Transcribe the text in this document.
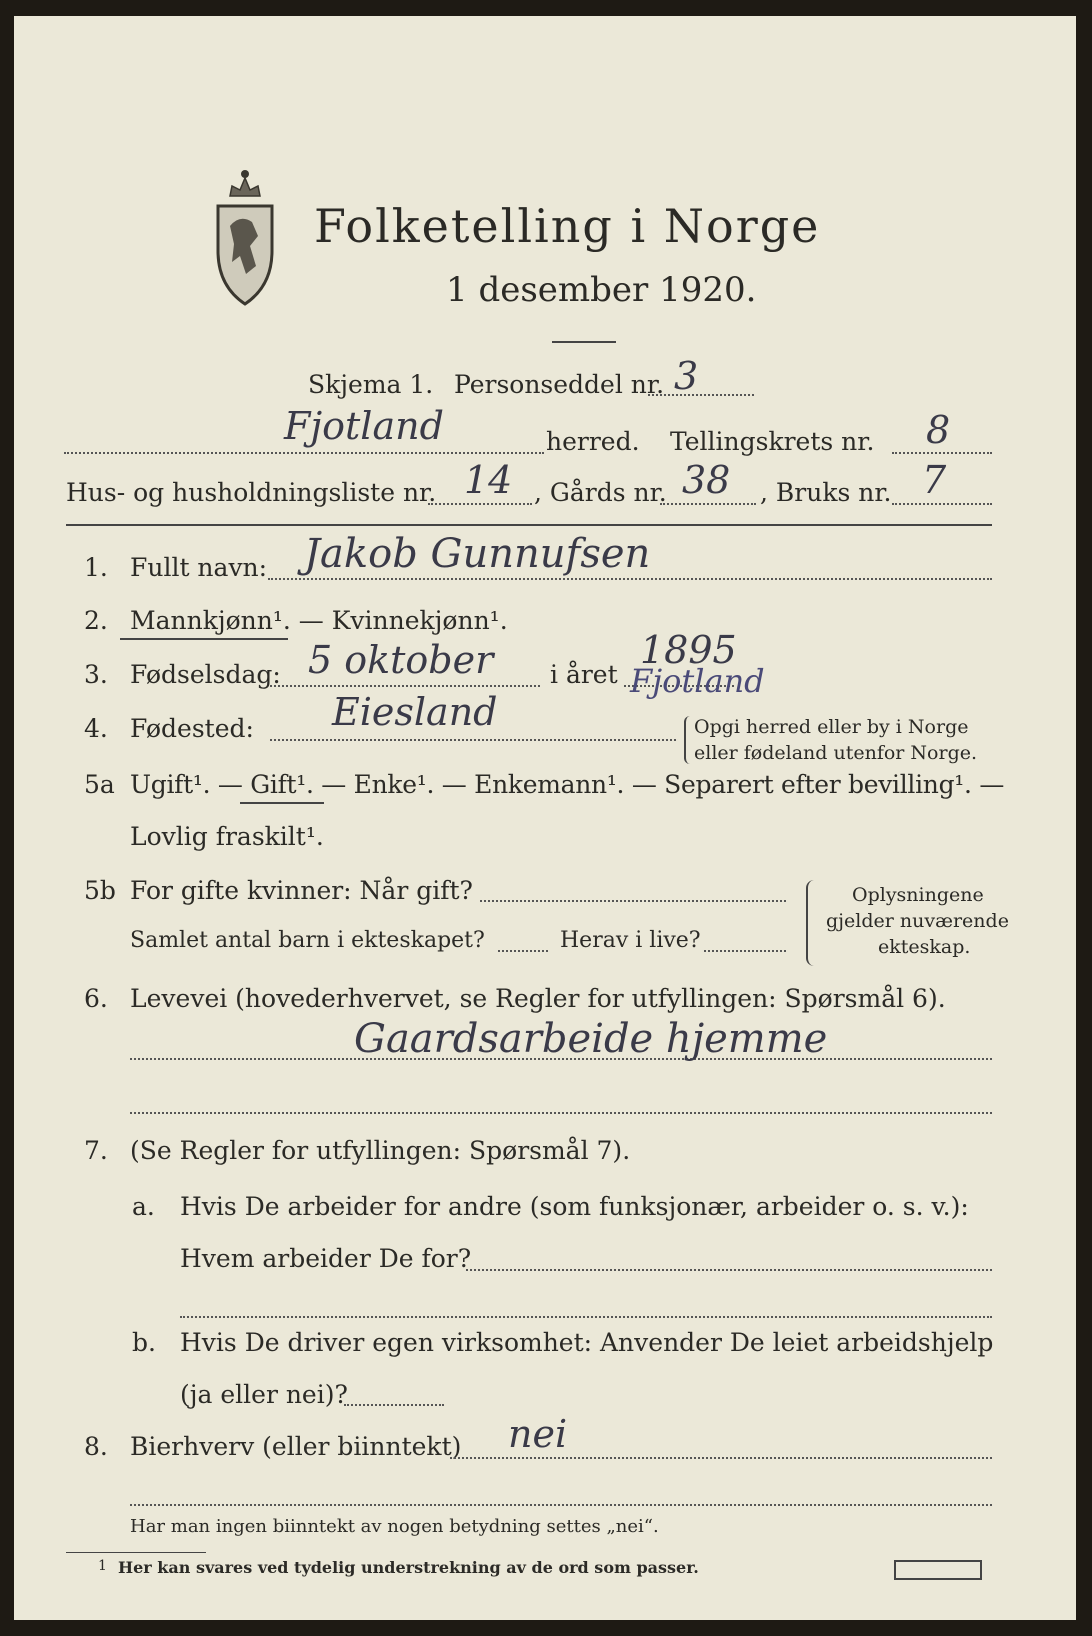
Folketelling i Norge
1 desember 1920.
Skjema 1. Personseddel nr. 3
Fjotland	herred. Tellingskrets nr. 8
Hus- og husholdningsliste nr. 14 , Gårds nr. 38 , Bruks nr. 7
1. Fullt navn: Jakob Gunnufsen
2. Mannkjønn¹. — Kvinnekjønn¹.
3. Fødselsdag: 5 oktober i året
1895
4. Fødested: Eiesland
Fjotland
Opgi herred eller by i Norge
eller fødeland utenfor Norge.
5a Ugift¹. — Gift¹. — Enke¹. — Enkemann¹. — Separert efter bevilling¹. —
Lovlig fraskilt¹.
5b For gifte kvinner: Når gift?
Samlet antal barn i ekteskapet?	Herav i live?
Oplysningene
gjelder nuværende
ekteskap.
6. Levevei (hovederhvervet, se Regler for utfyllingen: Spørsmål 6).
Gaardsarbeide hjemme
7. (Se Regler for utfyllingen: Spørsmål 7).
a. Hvis De arbeider for andre (som funksjonær, arbeider o. s. v.):
Hvem arbeider De for?
b. Hvis De driver egen virksomhet: Anvender De leiet arbeidshjelp
(ja eller nei)?
8. Bierhverv (eller biinntekt) nei
Har man ingen biinntekt av nogen betydning settes „nei“.
1 Her kan svares ved tydelig understrekning av de ord som passer.
